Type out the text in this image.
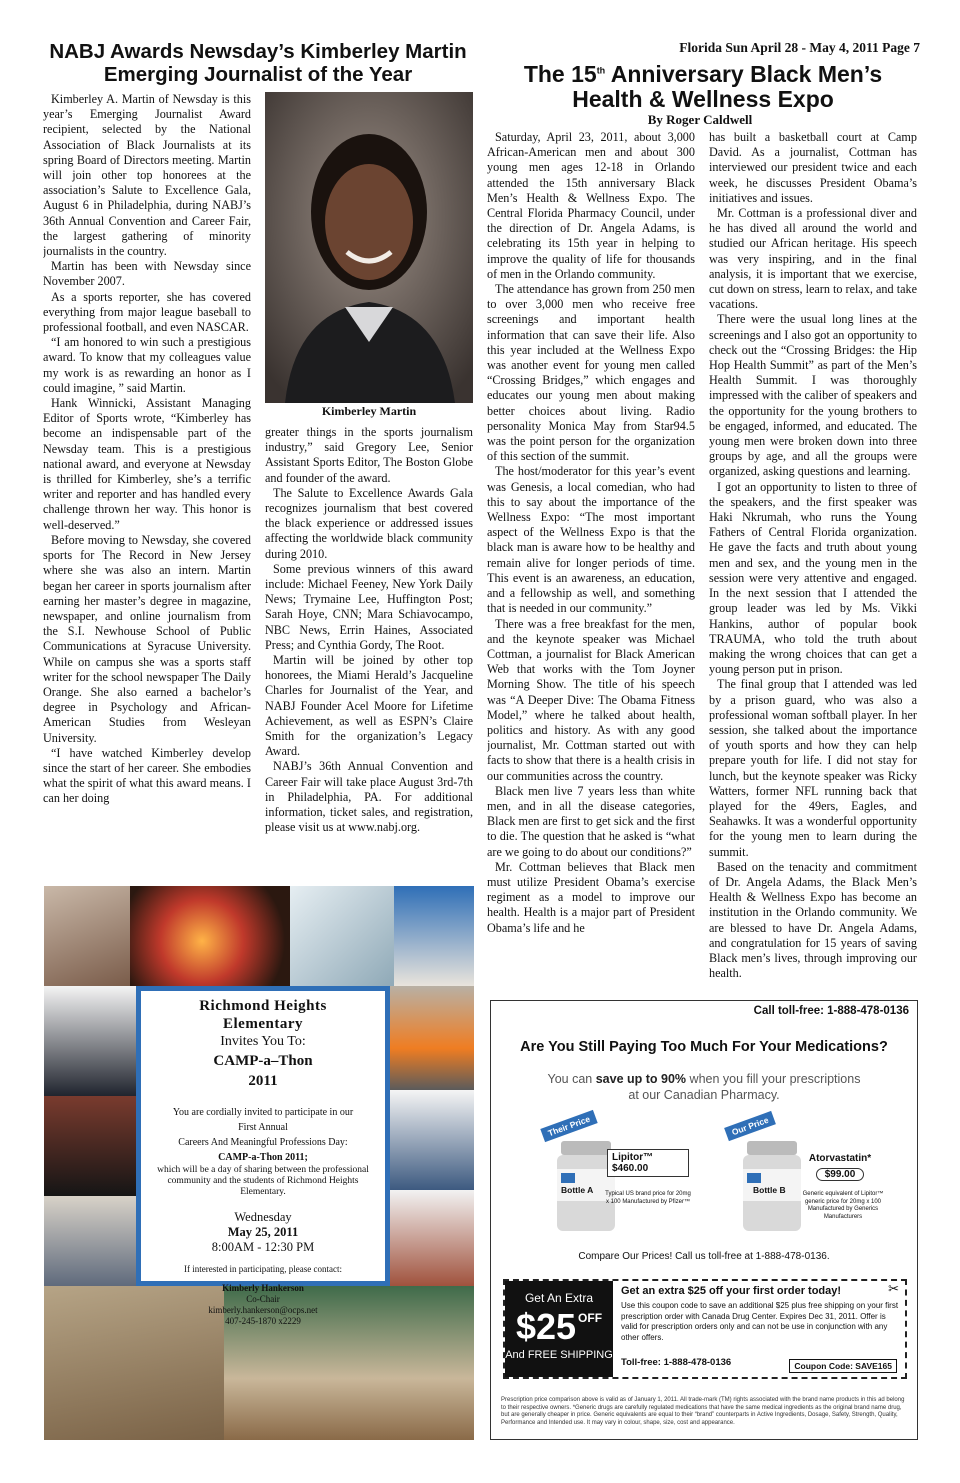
Florida Sun April 28 - May 4, 2011 Page 7
NABJ Awards Newsday’s Kimberley Martin
Emerging Journalist of the Year

Kimberley A. Martin of Newsday is this year’s Emerging Journalist Award recipient, selected by the National Association of Black Journalists at its spring Board of Directors meeting. Martin will join other top honorees at the association’s Salute to Excellence Gala, August 6 in Philadelphia, during NABJ’s 36th Annual Convention and Career Fair, the largest gathering of minority journalists in the country.

Martin has been with Newsday since November 2007.

As a sports reporter, she has covered everything from major league baseball to professional football, and even NASCAR.

“I am honored to win such a prestigious award. To know that my colleagues value my work is as rewarding an honor as I could imagine, ” said Martin.

Hank Winnicki, Assistant Managing Editor of Sports wrote, “Kimberley has become an indispensable part of the Newsday team. This is a prestigious national award, and everyone at Newsday is thrilled for Kimberley, she’s a terrific writer and reporter and has handled every challenge thrown her way. This honor is well-deserved.”

Before moving to Newsday, she covered sports for The Record in New Jersey where she was also an intern. Martin began her career in sports journalism after earning her master’s degree in magazine, newspaper, and online journalism from the S.I. Newhouse School of Public Communications at Syracuse University. While on campus she was a sports staff writer for the school newspaper The Daily Orange. She also earned a bachelor’s degree in Psychology and African-American Studies from Wesleyan University.

“I have watched Kimberley develop since the start of her career. She embodies what the spirit of what this award means. I can her doing

Kimberley Martin

greater things in the sports journalism industry,” said Gregory Lee, Senior Assistant Sports Editor, The Boston Globe and founder of the award.

The Salute to Excellence Awards Gala recognizes journalism that best covered the black experience or addressed issues affecting the worldwide black community during 2010.

Some previous winners of this award include: Michael Feeney, New York Daily News; Trymaine Lee, Huffington Post; Sarah Hoye, CNN; Mara Schiavocampo, NBC News, Errin Haines, Associated Press; and Cynthia Gordy, The Root.

Martin will be joined by other top honorees, the Miami Herald’s Jacqueline Charles for Journalist of the Year, and NABJ Founder Acel Moore for Lifetime Achievement, as well as ESPN’s Claire Smith for the organization’s Legacy Award.

NABJ’s 36th Annual Convention and Career Fair will take place August 3rd-7th in Philadelphia, PA. For additional information, ticket sales, and registration, please visit us at www.nabj.org.

The 15th Anniversary Black Men’s
Health & Wellness Expo
By Roger Caldwell

Saturday, April 23, 2011, about 3,000 African-American men and about 300 young men ages 12-18 in Orlando attended the 15th anniversary Black Men’s Health & Wellness Expo. The Central Florida Pharmacy Council, under the direction of Dr. Angela Adams, is celebrating its 15th year in helping to improve the quality of life for thousands of men in the Orlando community.

The attendance has grown from 250 men to over 3,000 men who receive free screenings and important health information that can save their life. Also this year included at the Wellness Expo was another event for young men called “Crossing Bridges,” which engages and educates our young men about making better choices about living. Radio personality Monica May from Star94.5 was the point person for the organization of this section of the summit.

The host/moderator for this year’s event was Genesis, a local comedian, who had this to say about the importance of the Wellness Expo: “The most important aspect of the Wellness Expo is that the black man is aware how to be healthy and remain alive for longer periods of time. This event is an awareness, an education, and a fellowship as well, and something that is needed in our community.”

There was a free breakfast for the men, and the keynote speaker was Michael Cottman, a journalist for Black American Web that works with the Tom Joyner Morning Show. The title of his speech was “A Deeper Dive: The Obama Fitness Model,” where he talked about health, politics and history. As with any good journalist, Mr. Cottman started out with facts to show that there is a health crisis in our communities across the country.

Black men live 7 years less than white men, and in all the disease categories, Black men are first to get sick and the first to die. The question that he asked is “what are we going to do about our conditions?”

Mr. Cottman believes that Black men must utilize President Obama’s exercise regiment as a model to improve our health. Health is a major part of President Obama’s life and he

has built a basketball court at Camp David. As a journalist, Cottman has interviewed our president twice and each week, he discusses President Obama’s initiatives and issues.

Mr. Cottman is a professional diver and he has dived all around the world and studied our African heritage. His speech was very inspiring, and in the final analysis, it is important that we exercise, cut down on stress, learn to relax, and take vacations.

There were the usual long lines at the screenings and I also got an opportunity to check out the “Crossing Bridges: the Hip Hop Health Summit” as part of the Men’s Health Summit. I was thoroughly impressed with the caliber of speakers and the opportunity for the young brothers to be engaged, informed, and educated. The young men were broken down into three groups by age, and all the groups were organized, asking questions and learning.

I got an opportunity to listen to three of the speakers, and the first speaker was Haki Nkrumah, who runs the Young Fathers of Central Florida organization. He gave the facts and truth about young men and sex, and the young men in the session were very attentive and engaged. In the next session that I attended the group leader was led by Ms. Vikki Hankins, author of popular book TRAUMA, who told the truth about making the wrong choices that can get a young person put in prison.

The final group that I attended was led by a prison guard, who was also a professional woman softball player. In her session, she talked about the importance of youth sports and how they can help prepare youth for life. I did not stay for lunch, but the keynote speaker was Ricky Watters, former NFL running back that played for the 49ers, Eagles, and Seahawks. It was a wonderful opportunity for the young men to learn during the summit.

Based on the tenacity and commitment of Dr. Angela Adams, the Black Men’s Health & Wellness Expo has become an institution in the Orlando community. We are blessed to have Dr. Angela Adams, and congratulation for 15 years of saving Black men’s lives, through improving our health.

Richmond Heights
Elementary
Invites You To:
CAMP-a–Thon
2011
You are cordially invited to participate in our
First Annual
Careers And Meaningful Professions Day:
CAMP-a-Thon 2011;
which will be a day of sharing between the professional community and the students of Richmond Heights Elementary.
Wednesday
May 25, 2011
8:00AM - 12:30 PM
If interested in participating, please contact:
Kimberly Hankerson
Co-Chair
kimberly.hankerson@ocps.net
407-245-1870 x2229
Call toll-free: 1-888-478-0136
Are You Still Paying Too Much For Your Medications?
You can save up to 90% when you fill your prescriptions
at our Canadian Pharmacy.
Their Price
Bottle A
Lipitor™
$460.00
Typical US brand price for 20mg x 100 Manufactured by Pfizer™
Our Price
Bottle B
Atorvastatin*
$99.00
Generic equivalent of Lipitor™ generic price for 20mg x 100 Manufactured by Generics Manufacturers
Compare Our Prices! Call us toll-free at 1-888-478-0136.
Get An Extra
$25 $^{OFF}$
And FREE SHIPPING
Get an extra $25 off your first order today!	✂
Use this coupon code to save an additional $25 plus free shipping on your first prescription order with Canada Drug Center. Expires Dec 31, 2011. Offer is valid for prescription orders only and can not be use in conjunction with any other offers.
Toll-free: 1-888-478-0136	Coupon Code: SAVE165
Prescription price comparison above is valid as of January 1, 2011. All trade-mark (TM) rights associated with the brand name products in this ad belong to their respective owners. *Generic drugs are carefully regulated medications that have the same medical ingredients as the original brand name drug, but are generally cheaper in price. Generic equivalents are equal to their “brand” counterparts in Active Ingredients, Dosage, Safety, Strength, Quality, Performance and Intended use. It may vary in colour, shape, size, cost and appearance.
